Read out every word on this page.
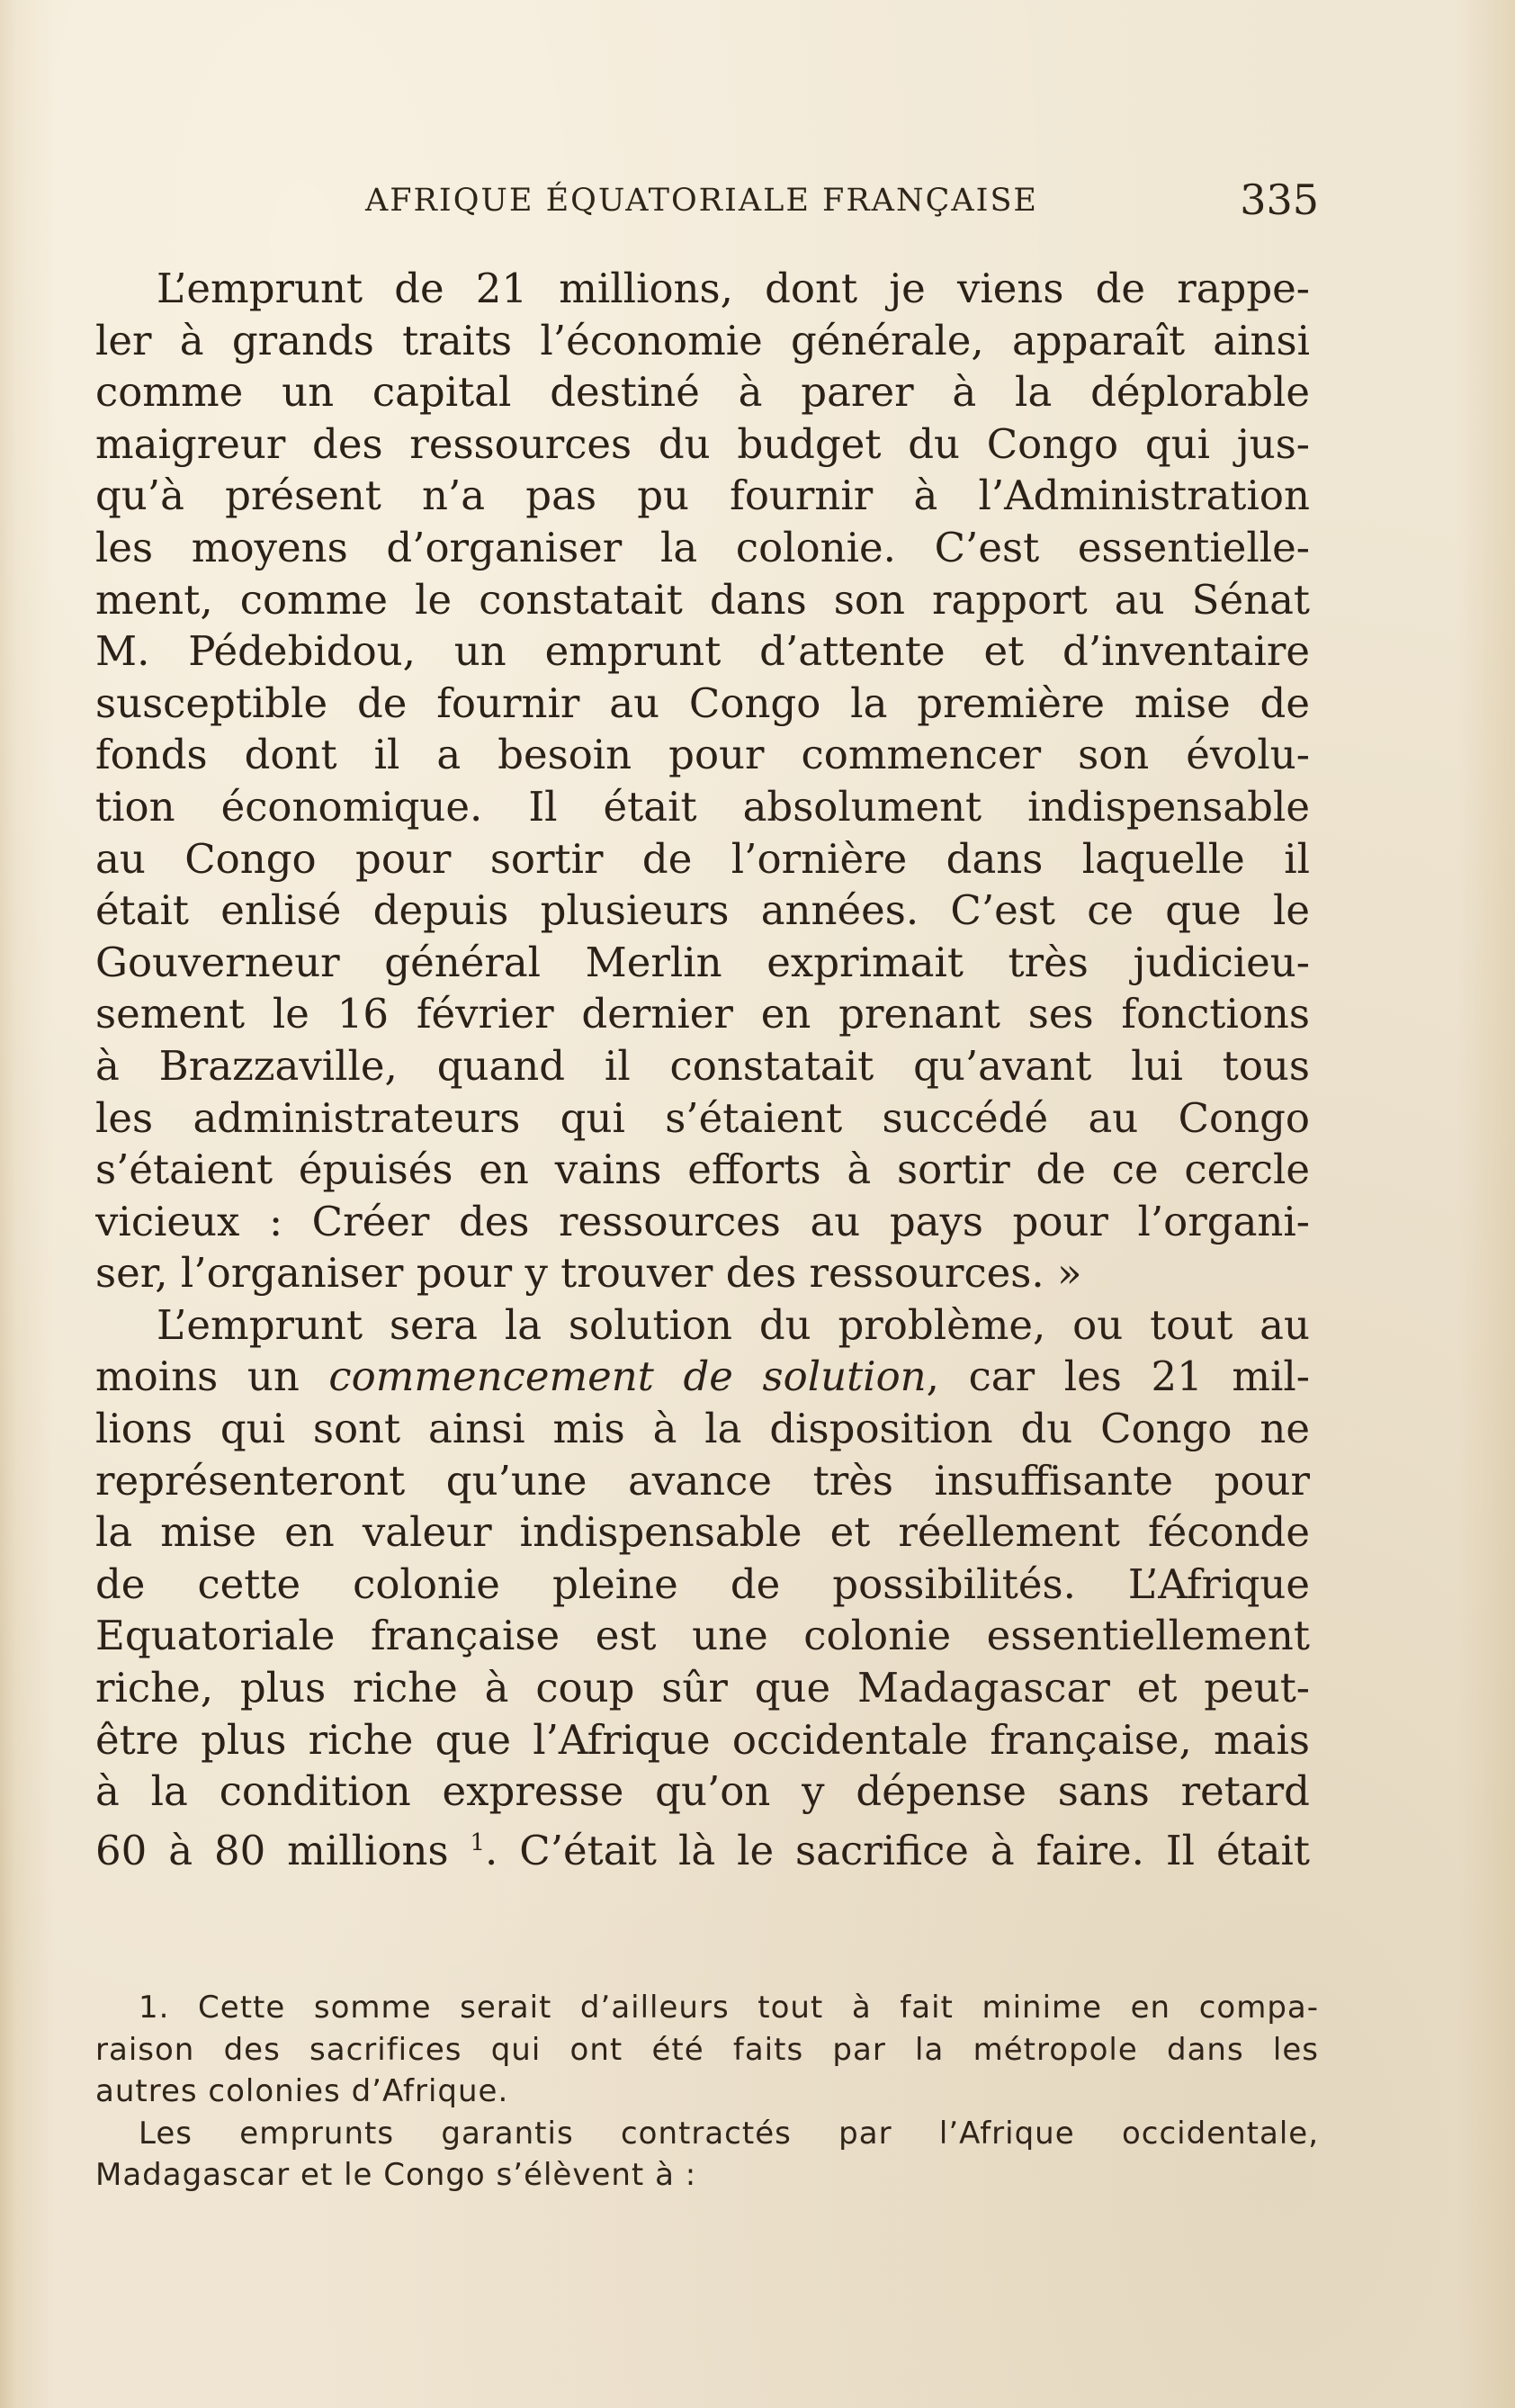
AFRIQUE ÉQUATORIALE FRANÇAISE	335
L’emprunt de 21 millions, dont je viens de rappe-
ler à grands traits l’économie générale, apparaît ainsi
comme un capital destiné à parer à la déplorable
maigreur des ressources du budget du Congo qui jus-
qu’à présent n’a pas pu fournir à l’Administration
les moyens d’organiser la colonie. C’est essentielle-
ment, comme le constatait dans son rapport au Sénat
M. Pédebidou, un emprunt d’attente et d’inventaire
susceptible de fournir au Congo la première mise de
fonds dont il a besoin pour commencer son évolu-
tion économique. Il était absolument indispensable
au Congo pour sortir de l’ornière dans laquelle il
était enlisé depuis plusieurs années. C’est ce que le
Gouverneur général Merlin exprimait très judicieu-
sement le 16 février dernier en prenant ses fonctions
à Brazzaville, quand il constatait qu’avant lui tous
les administrateurs qui s’étaient succédé au Congo
s’étaient épuisés en vains efforts à sortir de ce cercle
vicieux : Créer des ressources au pays pour l’organi-
ser, l’organiser pour y trouver des ressources. »
L’emprunt sera la solution du problème, ou tout au
moins un commencement de solution, car les 21 mil-
lions qui sont ainsi mis à la disposition du Congo ne
représenteront qu’une avance très insuffisante pour
la mise en valeur indispensable et réellement féconde
de cette colonie pleine de possibilités. L’Afrique
Equatoriale française est une colonie essentiellement
riche, plus riche à coup sûr que Madagascar et peut-
être plus riche que l’Afrique occidentale française, mais
à la condition expresse qu’on y dépense sans retard
60 à 80 millions $^1$. C’était là le sacrifice à faire. Il était
1. Cette somme serait d’ailleurs tout à fait minime en compa-
raison des sacrifices qui ont été faits par la métropole dans les
autres colonies d’Afrique.
Les emprunts garantis contractés par l’Afrique occidentale,
Madagascar et le Congo s’élèvent à :
